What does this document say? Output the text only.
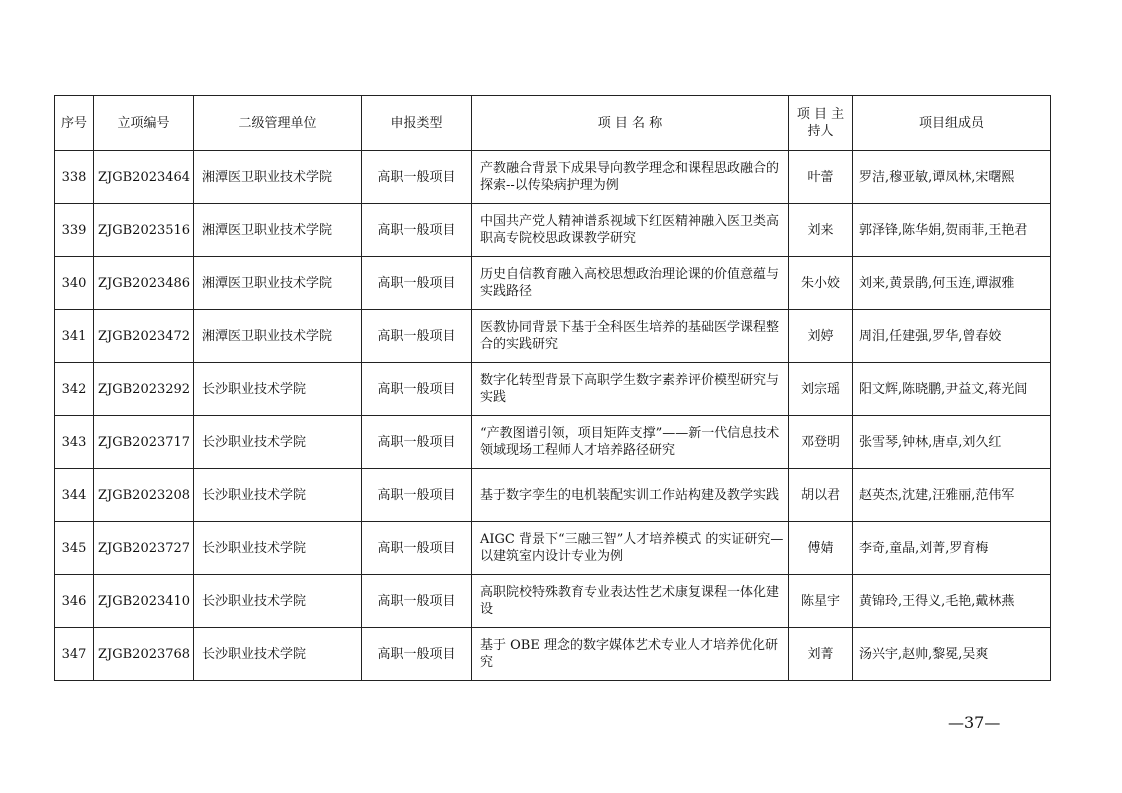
序号	立项编号	二级管理单位	申报类型	项 目 名 称	项 目 主持人	项目组成员
338	ZJGB2023464	湘潭医卫职业技术学院	高职一般项目	产教融合背景下成果导向教学理念和课程思政融合的探索--以传染病护理为例	叶蕾	罗洁,穆亚敏,谭凤林,宋曙熙
339	ZJGB2023516	湘潭医卫职业技术学院	高职一般项目	中国共产党人精神谱系视域下红医精神融入医卫类高职高专院校思政课教学研究	刘来	郭泽锋,陈华娟,贺雨菲,王艳君
340	ZJGB2023486	湘潭医卫职业技术学院	高职一般项目	历史自信教育融入高校思想政治理论课的价值意蕴与实践路径	朱小姣	刘来,黄景鹃,何玉连,谭淑雅
341	ZJGB2023472	湘潭医卫职业技术学院	高职一般项目	医教协同背景下基于全科医生培养的基础医学课程整合的实践研究	刘婷	周泪,任建强,罗华,曾春姣
342	ZJGB2023292	长沙职业技术学院	高职一般项目	数字化转型背景下高职学生数字素养评价模型研究与实践	刘宗瑶	阳文辉,陈晓鹏,尹益文,蒋光闾
343	ZJGB2023717	长沙职业技术学院	高职一般项目	“产教图谱引领，项目矩阵支撑”——新一代信息技术领域现场工程师人才培养路径研究	邓登明	张雪琴,钟林,唐卓,刘久红
344	ZJGB2023208	长沙职业技术学院	高职一般项目	基于数字孪生的电机装配实训工作站构建及教学实践	胡以君	赵英杰,沈建,汪雅丽,范伟军
345	ZJGB2023727	长沙职业技术学院	高职一般项目	AIGC 背景下“三融三智”人才培养模式 的实证研究—以建筑室内设计专业为例	傅婧	李奇,童晶,刘菁,罗育梅
346	ZJGB2023410	长沙职业技术学院	高职一般项目	高职院校特殊教育专业表达性艺术康复课程一体化建设	陈星宇	黄锦玲,王得义,毛艳,戴林燕
347	ZJGB2023768	长沙职业技术学院	高职一般项目	基于 OBE 理念的数字媒体艺术专业人才培养优化研究	刘菁	汤兴宇,赵帅,黎冕,吴爽
—37—
